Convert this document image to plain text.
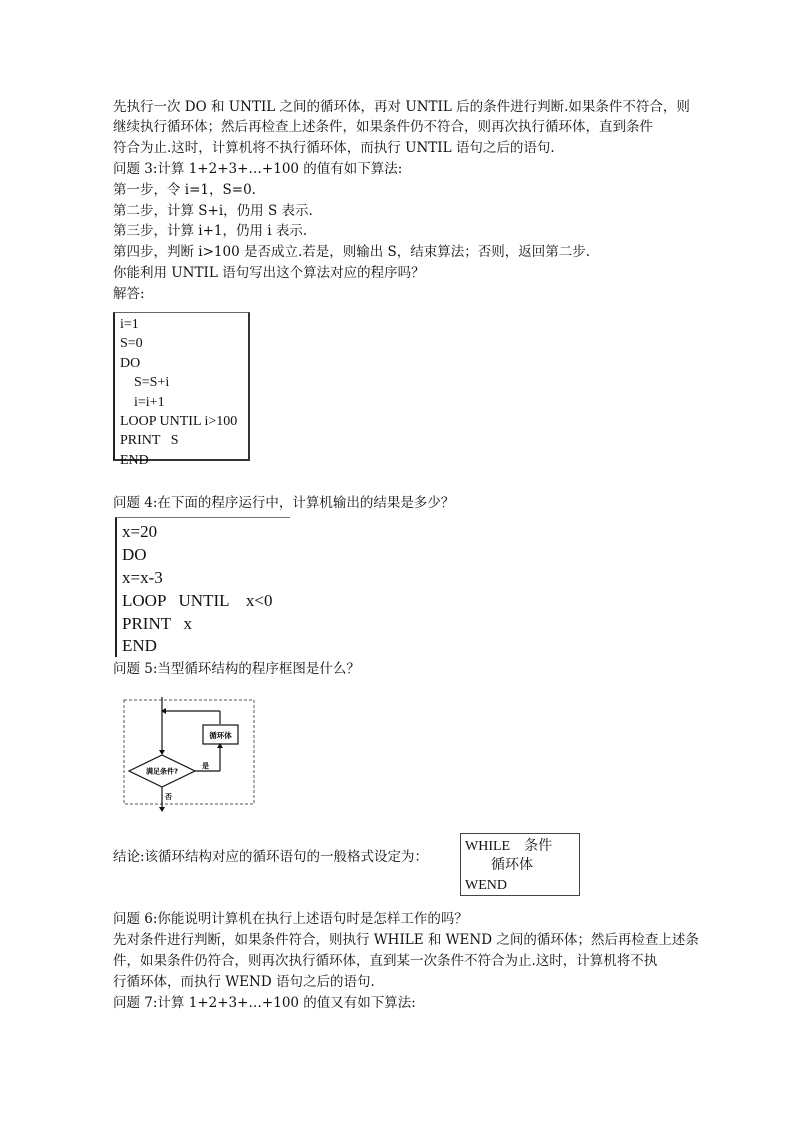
先执行一次 DO 和 UNTIL 之间的循环体，再对 UNTIL 后的条件进行判断.如果条件不符合，则
继续执行循环体；然后再检查上述条件，如果条件仍不符合，则再次执行循环体，直到条件
符合为止.这时，计算机将不执行循环体，而执行 UNTIL 语句之后的语句.
问题 3:计算 1+2+3+…+100 的值有如下算法:
第一步，令 i=1，S=0.
第二步，计算 S+i，仍用 S 表示.
第三步，计算 i+1，仍用 i 表示.
第四步，判断 i>100 是否成立.若是，则输出 S，结束算法；否则，返回第二步.
你能利用 UNTIL 语句写出这个算法对应的程序吗？
解答:
i=1
S=0
DO
S=S+i
i=i+1
LOOP UNTIL i>100
PRINT   S
END
问题 4:在下面的程序运行中，计算机输出的结果是多少？
x=20
DO
x=x-3
LOOP   UNTIL    x<0
PRINT   x
END
问题 5:当型循环结构的程序框图是什么？
循环体
满足条件?
是
否
结论:该循环结构对应的循环语句的一般格式设定为：
WHILE    条件
循环体
WEND
问题 6:你能说明计算机在执行上述语句时是怎样工作的吗？
先对条件进行判断，如果条件符合，则执行 WHILE 和 WEND 之间的循环体；然后再检查上述条
件，如果条件仍符合，则再次执行循环体，直到某一次条件不符合为止.这时，计算机将不执
行循环体，而执行 WEND 语句之后的语句.
问题 7:计算 1+2+3+…+100 的值又有如下算法:
